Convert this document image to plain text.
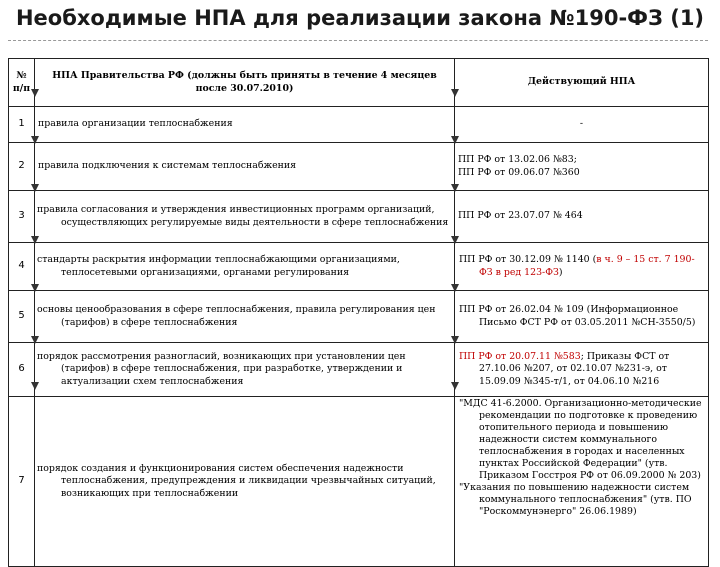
Необходимые НПА для реализации закона №190-ФЗ (1)
№ п/п	НПА Правительства РФ (должны быть приняты в течение 4 месяцев после 30.07.2010)	Действующий НПА
1	правила организации теплоснабжения	-
2	правила подключения к системам теплоснабжения	ПП РФ от 13.02.06 №83;
ПП РФ от 09.06.07 №360

3	правила согласования и утверждения инвестиционных программ организаций, осуществляющих регулируемые виды деятельности в сфере теплоснабжения	ПП РФ от 23.07.07 № 464
4	стандарты раскрытия информации теплоснабжающими организациями, теплосетевыми организациями, органами регулирования	ПП РФ от 30.12.09 № 1140 (в ч. 9 – 15 ст. 7 190-ФЗ в ред 123-ФЗ)
5	основы ценообразования в сфере теплоснабжения, правила регулирования цен (тарифов) в сфере теплоснабжения	ПП РФ от 26.02.04 № 109 (Информационное Письмо ФСТ РФ от 03.05.2011 №СН-3550/5)
6	порядок рассмотрения разногласий, возникающих при установлении цен (тарифов) в сфере теплоснабжения, при разработке, утверждении и актуализации схем теплоснабжения	ПП РФ от 20.07.11 №583; Приказы ФСТ от 27.10.06 №207, от 02.10.07 №231-э, от 15.09.09 №345-т/1, от 04.06.10 №216
7	порядок создания и функционирования систем обеспечения надежности теплоснабжения, предупреждения и ликвидации чрезвычайных ситуаций, возникающих при теплоснабжении	"МДС 41-6.2000. Организационно-методические рекомендации по подготовке к проведению отопительного периода и повышению надежности систем коммунального теплоснабжения в городах и населенных пунктах Российской Федерации" (утв. Приказом Госстроя РФ от 06.09.2000 № 203)
"Указания по повышению надежности систем коммунального теплоснабжения" (утв. ПО "Роскоммунэнерго" 26.06.1989)
